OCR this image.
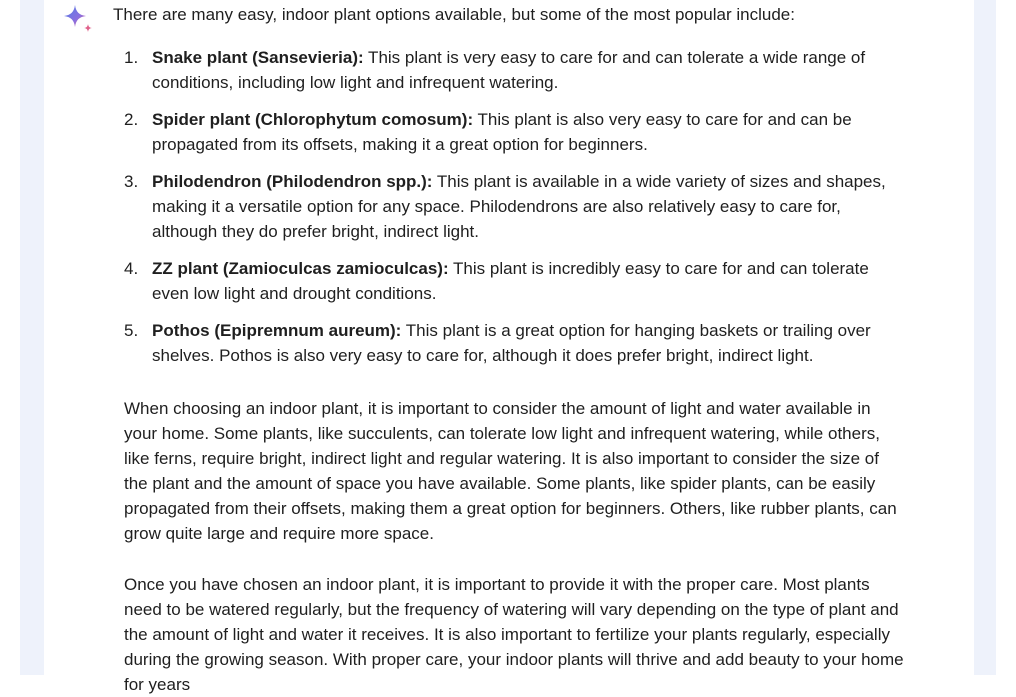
There are many easy, indoor plant options available, but some of the most popular include:

1. Snake plant (Sansevieria): This plant is very easy to care for and can tolerate a wide range of conditions, including low light and infrequent watering.
2. Spider plant (Chlorophytum comosum): This plant is also very easy to care for and can be propagated from its offsets, making it a great option for beginners.
3. Philodendron (Philodendron spp.): This plant is available in a wide variety of sizes and shapes, making it a versatile option for any space. Philodendrons are also relatively easy to care for, although they do prefer bright, indirect light.
4. ZZ plant (Zamioculcas zamioculcas): This plant is incredibly easy to care for and can tolerate even low light and drought conditions.
5. Pothos (Epipremnum aureum): This plant is a great option for hanging baskets or trailing over shelves. Pothos is also very easy to care for, although it does prefer bright, indirect light.

When choosing an indoor plant, it is important to consider the amount of light and water available in your home. Some plants, like succulents, can tolerate low light and infrequent watering, while others, like ferns, require bright, indirect light and regular watering. It is also important to consider the size of the plant and the amount of space you have available. Some plants, like spider plants, can be easily propagated from their offsets, making them a great option for beginners. Others, like rubber plants, can grow quite large and require more space.

Once you have chosen an indoor plant, it is important to provide it with the proper care. Most plants need to be watered regularly, but the frequency of watering will vary depending on the type of plant and the amount of light and water it receives. It is also important to fertilize your plants regularly, especially during the growing season. With proper care, your indoor plants will thrive and add beauty to your home for years
